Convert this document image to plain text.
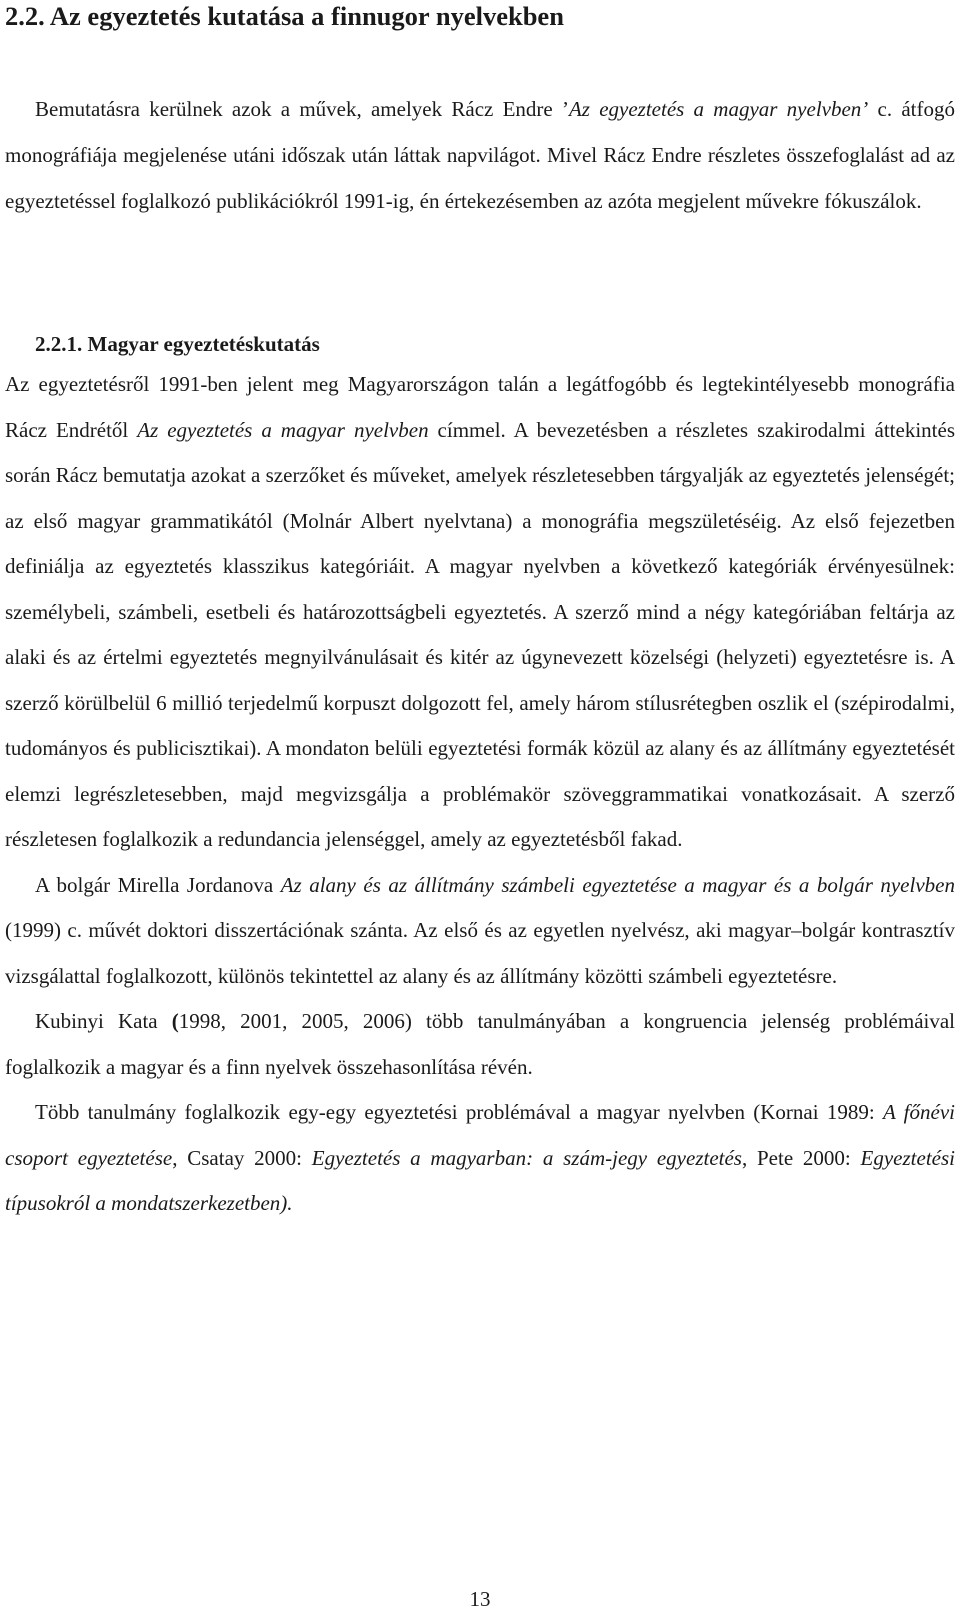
2.2. Az egyeztetés kutatása a finnugor nyelvekben

Bemutatásra kerülnek azok a művek, amelyek Rácz Endre ’Az egyeztetés a magyar nyelvben’ c. átfogó monográfiája megjelenése utáni időszak után láttak napvilágot. Mivel Rácz Endre részletes összefoglalást ad az egyeztetéssel foglalkozó publikációkról 1991-ig, én értekezésemben az azóta megjelent művekre fókuszálok.

2.2.1. Magyar egyeztetéskutatás

Az egyeztetésről 1991-ben jelent meg Magyarországon talán a legátfogóbb és legtekintélyesebb monográfia Rácz Endrétől Az egyeztetés a magyar nyelvben címmel. A bevezetésben a részletes szakirodalmi áttekintés során Rácz bemutatja azokat a szerzőket és műveket, amelyek részletesebben tárgyalják az egyeztetés jelenségét; az első magyar grammatikától (Molnár Albert nyelvtana) a monográfia megszületéséig. Az első fejezetben definiálja az egyeztetés klasszikus kategóriáit. A magyar nyelvben a következő kategóriák érvényesülnek: személybeli, számbeli, esetbeli és határozottságbeli egyeztetés. A szerző mind a négy kategóriában feltárja az alaki és az értelmi egyeztetés megnyilvánulásait és kitér az úgynevezett közelségi (helyzeti) egyeztetésre is. A szerző körülbelül 6 millió terjedelmű korpuszt dolgozott fel, amely három stílusrétegben oszlik el (szépirodalmi, tudományos és publicisztikai). A mondaton belüli egyeztetési formák közül az alany és az állítmány egyeztetését elemzi legrészletesebben, majd megvizsgálja a problémakör szöveggrammatikai vonatkozásait. A szerző részletesen foglalkozik a redundancia jelenséggel, amely az egyeztetésből fakad.

A bolgár Mirella Jordanova Az alany és az állítmány számbeli egyeztetése a magyar és a bolgár nyelvben (1999) c. művét doktori disszertációnak szánta. Az első és az egyetlen nyelvész, aki magyar–bolgár kontrasztív vizsgálattal foglalkozott, különös tekintettel az alany és az állítmány közötti számbeli egyeztetésre.

Kubinyi Kata (1998, 2001, 2005, 2006) több tanulmányában a kongruencia jelenség problémáival foglalkozik a magyar és a finn nyelvek összehasonlítása révén.

Több tanulmány foglalkozik egy-egy egyeztetési problémával a magyar nyelvben (Kornai 1989: A főnévi csoport egyeztetése, Csatay 2000: Egyeztetés a magyarban: a szám-jegy egyeztetés, Pete 2000: Egyeztetési típusokról a mondatszerkezetben).

13
